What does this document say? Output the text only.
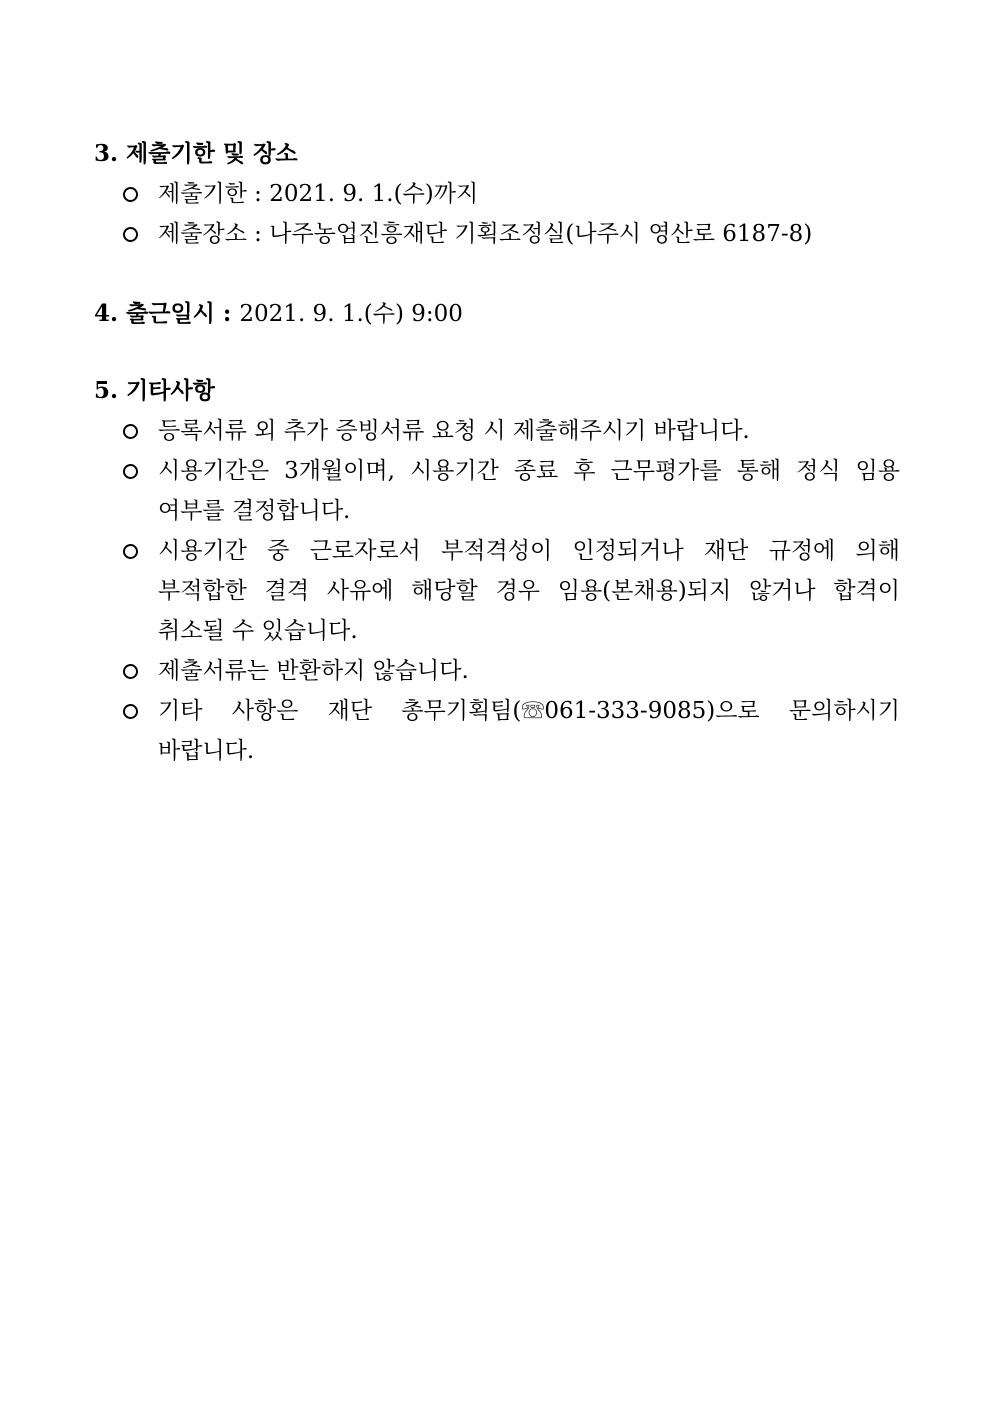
3. 제출기한 및 장소
제출기한 : 2021. 9. 1.(수)까지
제출장소 : 나주농업진흥재단 기획조정실(나주시 영산로 6187-8)
4. 출근일시 : 2021. 9. 1.(수) 9:00
5. 기타사항
등록서류 외 추가 증빙서류 요청 시 제출해주시기 바랍니다.
시용기간은 3개월이며, 시용기간 종료 후 근무평가를 통해 정식 임용 여부를 결정합니다.
시용기간 중 근로자로서 부적격성이 인정되거나 재단 규정에 의해 부적합한 결격 사유에 해당할 경우 임용(본채용)되지 않거나 합격이 취소될 수 있습니다.
제출서류는 반환하지 않습니다.
기타 사항은 재단 총무기획팀(☏061-333-9085)으로 문의하시기 바랍니다.
